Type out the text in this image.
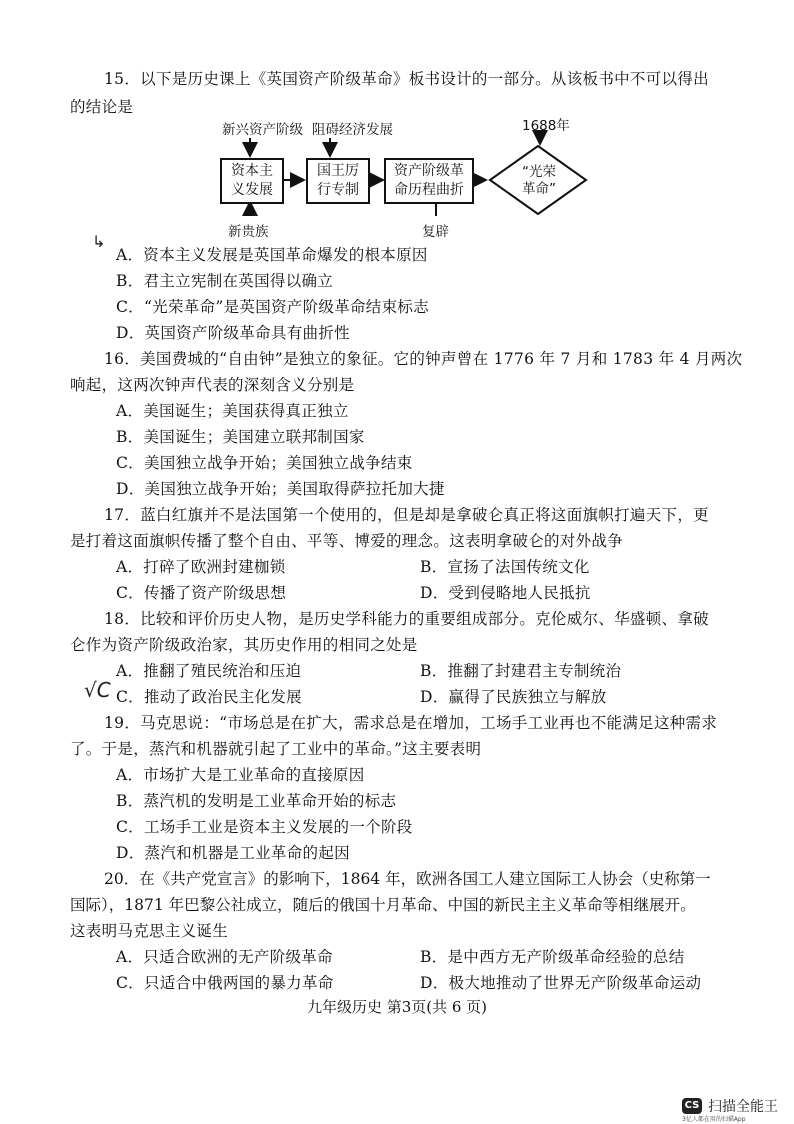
15．以下是历史课上《英国资产阶级革命》板书设计的一部分。从该板书中不可以得出
的结论是
新兴资产阶级 阻碍经济发展	1688年
资本主
义发展
国王厉
行专制
资产阶级革
命历程曲折
“光荣
革命”
新贵族	复辟
↳
A．资本主义发展是英国革命爆发的根本原因
B．君主立宪制在英国得以确立
C．“光荣革命”是英国资产阶级革命结束标志
D．英国资产阶级革命具有曲折性
16．美国费城的“自由钟”是独立的象征。它的钟声曾在 1776 年 7 月和 1783 年 4 月两次
响起，这两次钟声代表的深刻含义分别是
A．美国诞生；美国获得真正独立
B．美国诞生；美国建立联邦制国家
C．美国独立战争开始；美国独立战争结束
D．美国独立战争开始；美国取得萨拉托加大捷
17．蓝白红旗并不是法国第一个使用的，但是却是拿破仑真正将这面旗帜打遍天下，更
是打着这面旗帜传播了整个自由、平等、博爱的理念。这表明拿破仑的对外战争
A．打碎了欧洲封建枷锁	B．宣扬了法国传统文化
C．传播了资产阶级思想	D．受到侵略地人民抵抗
18．比较和评价历史人物，是历史学科能力的重要组成部分。克伦威尔、华盛顿、拿破
仑作为资产阶级政治家，其历史作用的相同之处是
A．推翻了殖民统治和压迫	B．推翻了封建君主专制统治
√C C．推动了政治民主化发展	D．赢得了民族独立与解放
19．马克思说：“市场总是在扩大，需求总是在增加，工场手工业再也不能满足这种需求
了。于是，蒸汽和机器就引起了工业中的革命。”这主要表明
A．市场扩大是工业革命的直接原因
B．蒸汽机的发明是工业革命开始的标志
C．工场手工业是资本主义发展的一个阶段
D．蒸汽和机器是工业革命的起因
20．在《共产党宣言》的影响下，1864 年，欧洲各国工人建立国际工人协会（史称第一
国际），1871 年巴黎公社成立，随后的俄国十月革命、中国的新民主主义革命等相继展开。
这表明马克思主义诞生
A．只适合欧洲的无产阶级革命	B．是中西方无产阶级革命经验的总结
C．只适合中俄两国的暴力革命	D．极大地推动了世界无产阶级革命运动
九年级历史 第3页(共 6 页)
CS 扫描全能王
3亿人都在用的扫描App
